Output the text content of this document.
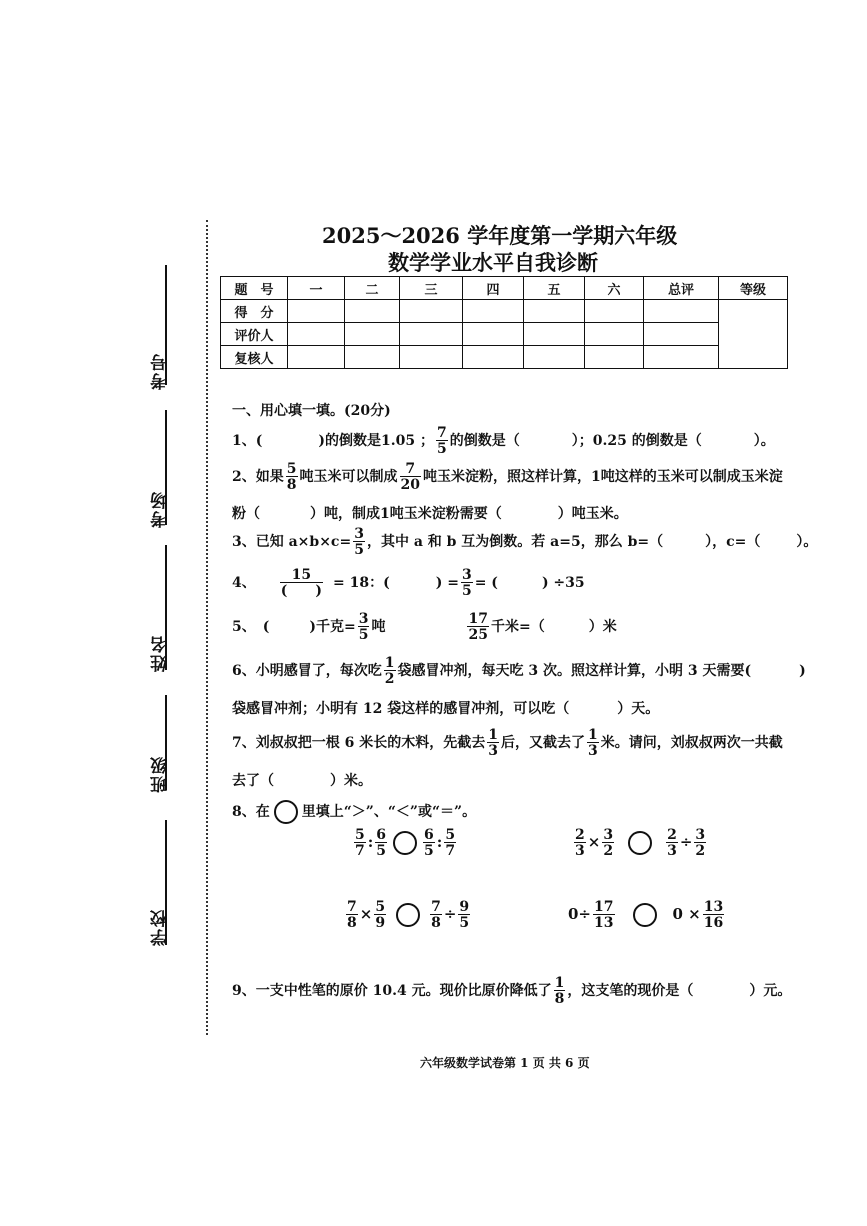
考号
考场
姓名
班级
学校
2025～2026 学年度第一学期六年级
数学学业水平自我诊断
题　号	一	二	三	四	五	六	总评	等级
得　分								
评价人								
复核人								
一、用心填一填。(20分)
1、(	)的倒数是1.05 ； $\frac{7}{5}$ 的倒数是（	）；0.25 的倒数是（	）。
2、如果 $\frac{5}{8}$ 吨玉米可以制成 $\frac{7}{20}$ 吨玉米淀粉，照这样计算，1吨这样的玉米可以制成玉米淀
粉（	）吨，制成1吨玉米淀粉需要（	）吨玉米。
3、已知 $a\times b\times c= \frac{3}{5}$ ，其中 a 和 b 互为倒数。若 a=5，那么 b=（	），c=（	）。
4、 $\frac{15}{( )} = 18$：(	) = $\frac{3}{5}$ = (	) ÷35
5、　(	)千克= $\frac{3}{5}$ 吨	$\frac{17}{25}$ 千米=（	）米
6、小明感冒了，每次吃 $\frac{1}{2}$ 袋感冒冲剂，每天吃 3 次。照这样计算，小明 3 天需要(	)
袋感冒冲剂；小明有 12 袋这样的感冒冲剂，可以吃（	）天。
7、刘叔叔把一根 6 米长的木料，先截去 $\frac{1}{3}$ 后，又截去了 $\frac{1}{3}$ 米。请问，刘叔叔两次一共截
去了（	）米。
8、在 里填上“＞”、“＜”或“＝”。
$\frac{5}{7}$ : $\frac{6}{5}$	$\frac{6}{5}$ : $\frac{5}{7}$	$\frac{2}{3} \times \frac{3}{2}$	$\frac{2}{3} \div \frac{3}{2}$
$\frac{7}{8} \times \frac{5}{9}$	$\frac{7}{8} \div \frac{9}{5}$	$0\div \frac{17}{13}$	$0 \times \frac{13}{16}$
9、一支中性笔的原价 10.4 元。现价比原价降低了 $\frac{1}{8}$ ，这支笔的现价是（	）元。
六年级数学试卷第 1 页 共 6 页
